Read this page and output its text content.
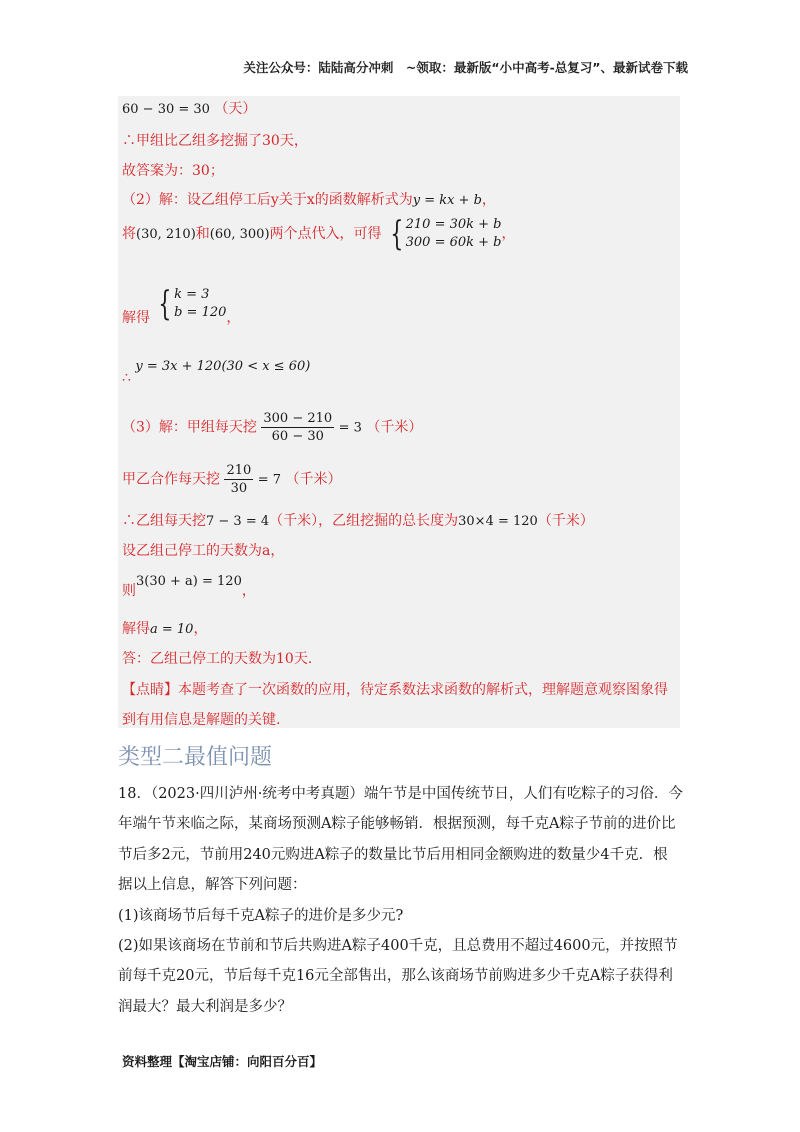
关注公众号：陆陆高分冲刺　~领取：最新版“小中高考-总复习”、最新试卷下载
60 − 30 = 30 （天）
∴甲组比乙组多挖掘了30天，
故答案为：30；
（2）解：设乙组停工后y关于x的函数解析式为y = kx + b，
将(30, 210)和(60, 300)两个点代入，可得 { 210 = 30k + b
300 = 60k + b
，
解得 { k = 3
b = 120 ，
∴ y = 3x + 120(30 < x ≤ 60)
（3）解：甲组每天挖 $\frac{300 - 210}{60 - 30} = 3$ （千米）
甲乙合作每天挖 $\frac{210}{30} = 7$ （千米）
∴乙组每天挖7 − 3 = 4（千米），乙组挖掘的总长度为30×4 = 120（千米）
设乙组己停工的天数为a，
则3(30 + a) = 120，
解得a = 10，
答：乙组己停工的天数为10天.
【点睛】本题考查了一次函数的应用，待定系数法求函数的解析式，理解题意观察图象得
到有用信息是解题的关键.
类型二最值问题
18．（2023·四川泸州·统考中考真题）端午节是中国传统节日，人们有吃粽子的习俗．今
年端午节来临之际，某商场预测A粽子能够畅销．根据预测，每千克A粽子节前的进价比
节后多2元，节前用240元购进A粽子的数量比节后用相同金额购进的数量少4千克．根
据以上信息，解答下列问题：
(1)该商场节后每千克A粽子的进价是多少元?
(2)如果该商场在节前和节后共购进A粽子400千克，且总费用不超过4600元，并按照节
前每千克20元，节后每千克16元全部售出，那么该商场节前购进多少千克A粽子获得利
润最大？最大利润是多少？
资料整理【淘宝店铺：向阳百分百】
